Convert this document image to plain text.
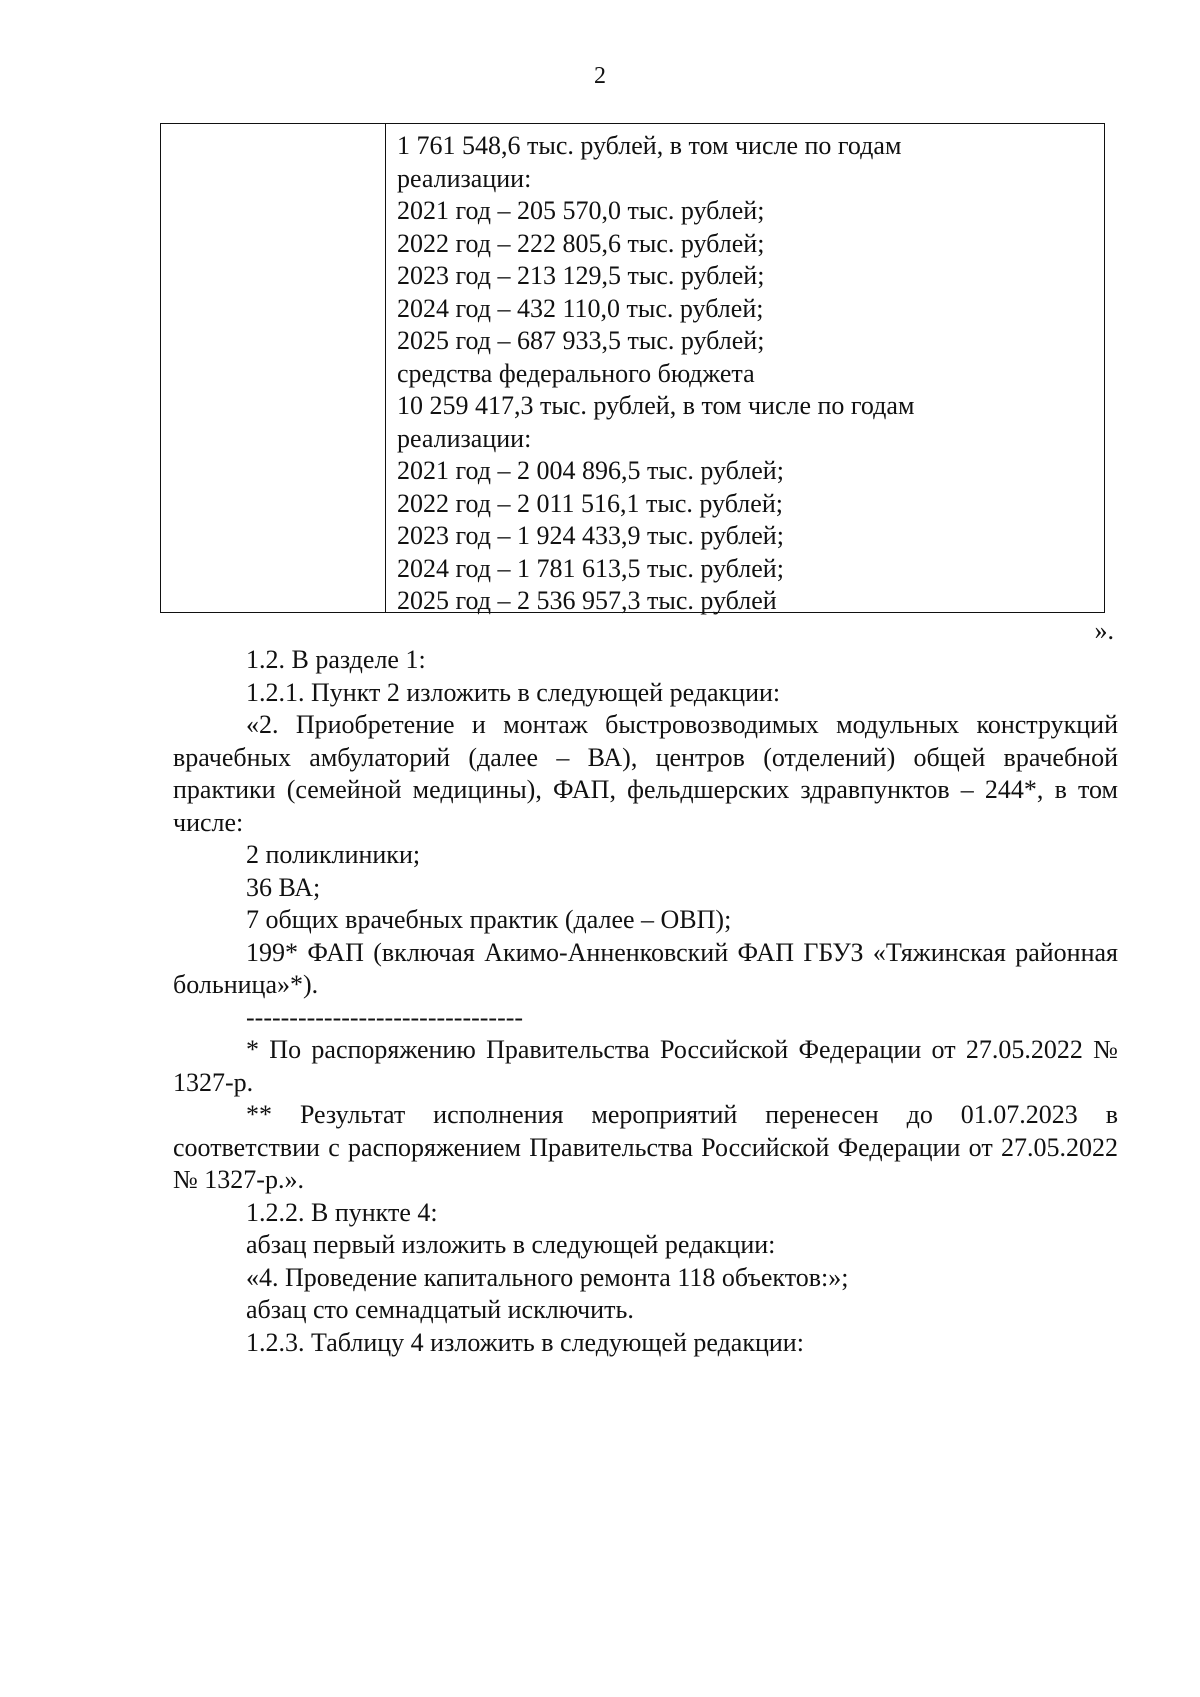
2
1 761 548,6 тыс. рублей, в том числе по годам
реализации:
2021 год – 205 570,0 тыс. рублей;
2022 год – 222 805,6 тыс. рублей;
2023 год – 213 129,5 тыс. рублей;
2024 год – 432 110,0 тыс. рублей;
2025 год – 687 933,5 тыс. рублей;
средства федерального бюджета
10 259 417,3 тыс. рублей, в том числе по годам
реализации:
2021 год – 2 004 896,5 тыс. рублей;
2022 год – 2 011 516,1 тыс. рублей;
2023 год – 1 924 433,9 тыс. рублей;
2024 год – 1 781 613,5 тыс. рублей;
2025 год – 2 536 957,3 тыс. рублей
».

1.2. В разделе 1:

1.2.1. Пункт 2 изложить в следующей редакции:

«2. Приобретение и монтаж быстровозводимых модульных конструкций врачебных амбулаторий (далее – ВА), центров (отделений) общей врачебной практики (семейной медицины), ФАП, фельдшерских здравпунктов – 244*, в том числе:

2 поликлиники;

36 ВА;

7 общих врачебных практик (далее – ОВП);

199* ФАП (включая Акимо-Анненковский ФАП ГБУЗ «Тяжинская районная больница»*).

--------------------------------

* По распоряжению Правительства Российской Федерации от 27.05.2022 № 1327-р.

** Результат исполнения мероприятий перенесен до 01.07.2023 в соответствии с распоряжением Правительства Российской Федерации от 27.05.2022 № 1327-р.».

1.2.2. В пункте 4:

абзац первый изложить в следующей редакции:

«4. Проведение капитального ремонта 118 объектов:»;

абзац сто семнадцатый исключить.

1.2.3. Таблицу 4 изложить в следующей редакции:
